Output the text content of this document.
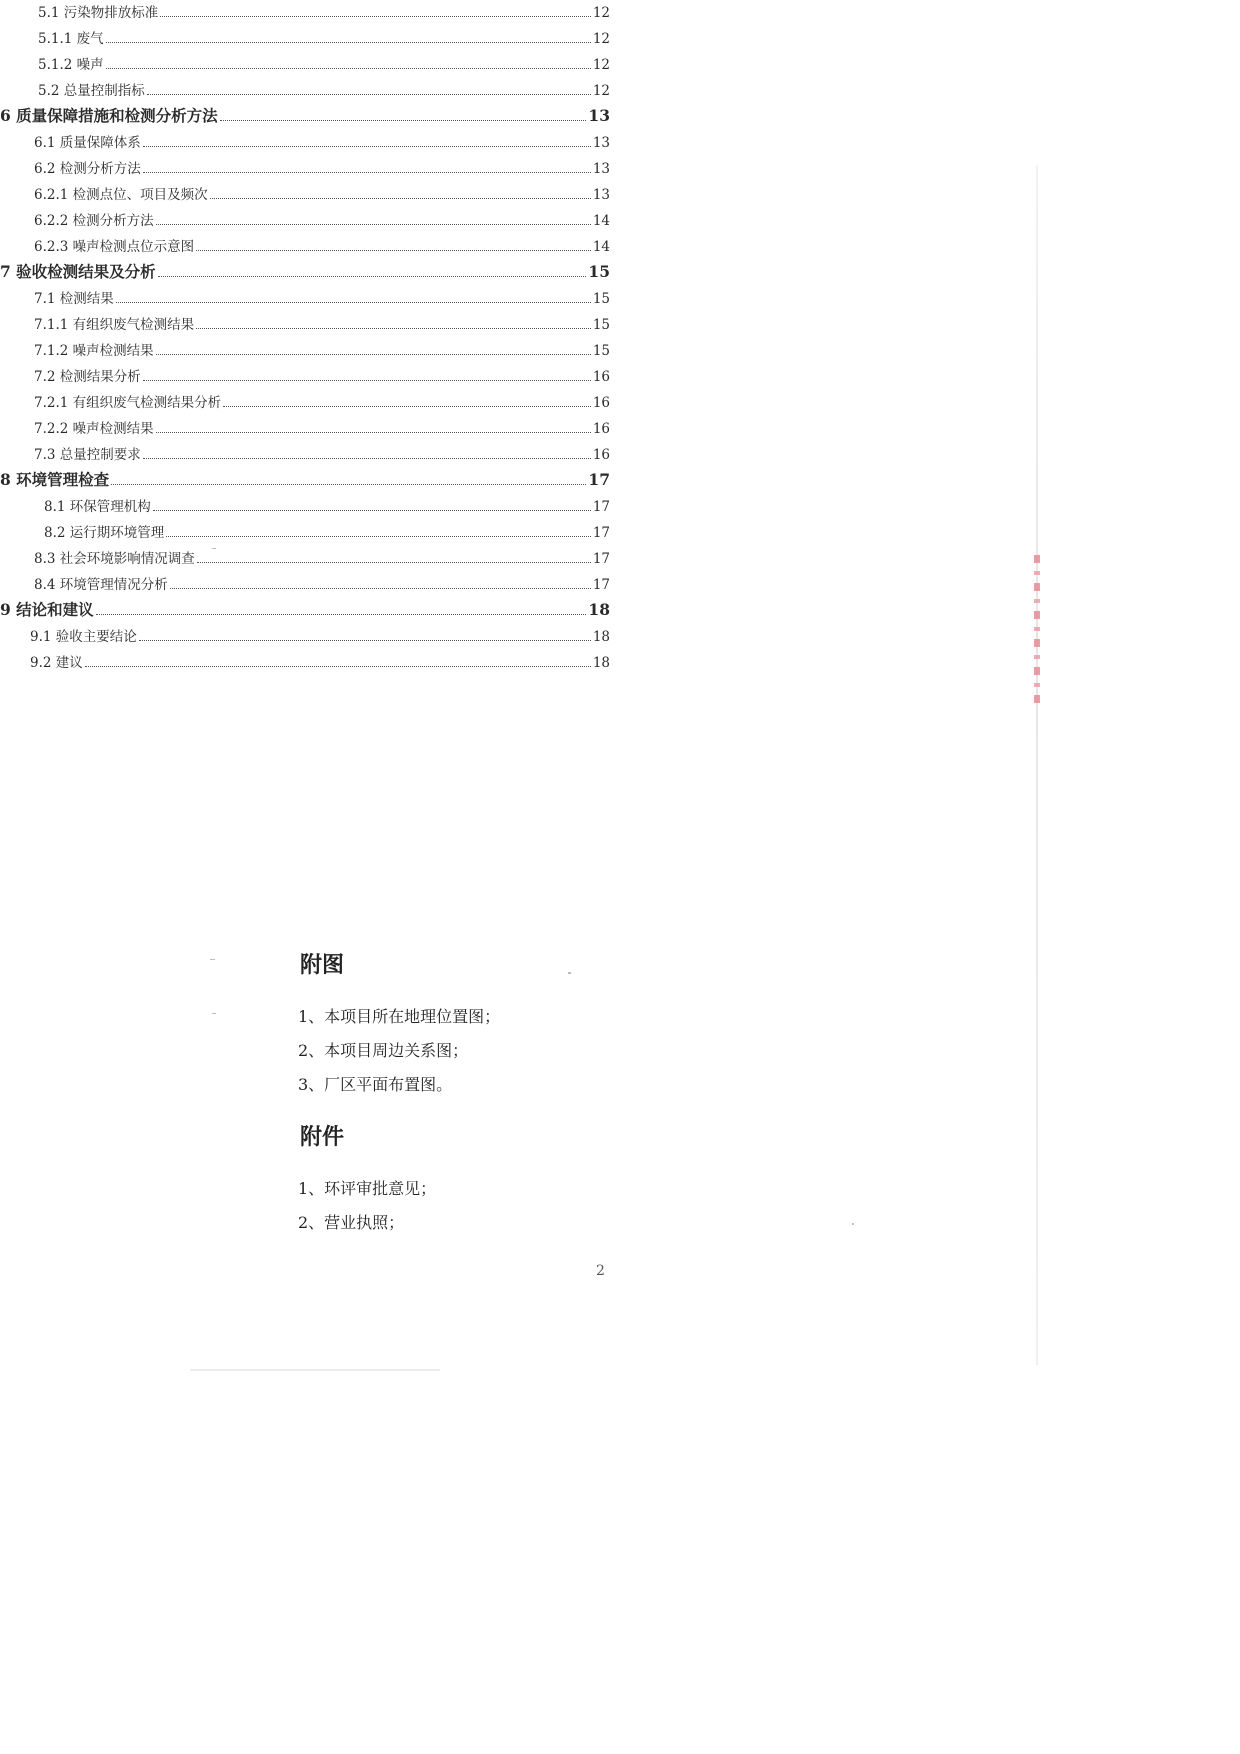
5.1 污染物排放标准	12
5.1.1 废气	12
5.1.2 噪声	12
5.2 总量控制指标	12
6 质量保障措施和检测分析方法	13
6.1 质量保障体系	13
6.2 检测分析方法	13
6.2.1 检测点位、项目及频次	13
6.2.2 检测分析方法	14
6.2.3 噪声检测点位示意图	14
7 验收检测结果及分析	15
7.1 检测结果	15
7.1.1 有组织废气检测结果	15
7.1.2 噪声检测结果	15
7.2 检测结果分析	16
7.2.1 有组织废气检测结果分析	16
7.2.2 噪声检测结果	16
7.3 总量控制要求	16
8 环境管理检查	17
8.1 环保管理机构	17
8.2 运行期环境管理	17
8.3 社会环境影响情况调查	17
8.4 环境管理情况分析	17
9 结论和建议	18
9.1 验收主要结论	18
9.2 建议	18
附图
1、本项目所在地理位置图；
2、本项目周边关系图；
3、厂区平面布置图。
附件
1、环评审批意见；
2、营业执照；
2
